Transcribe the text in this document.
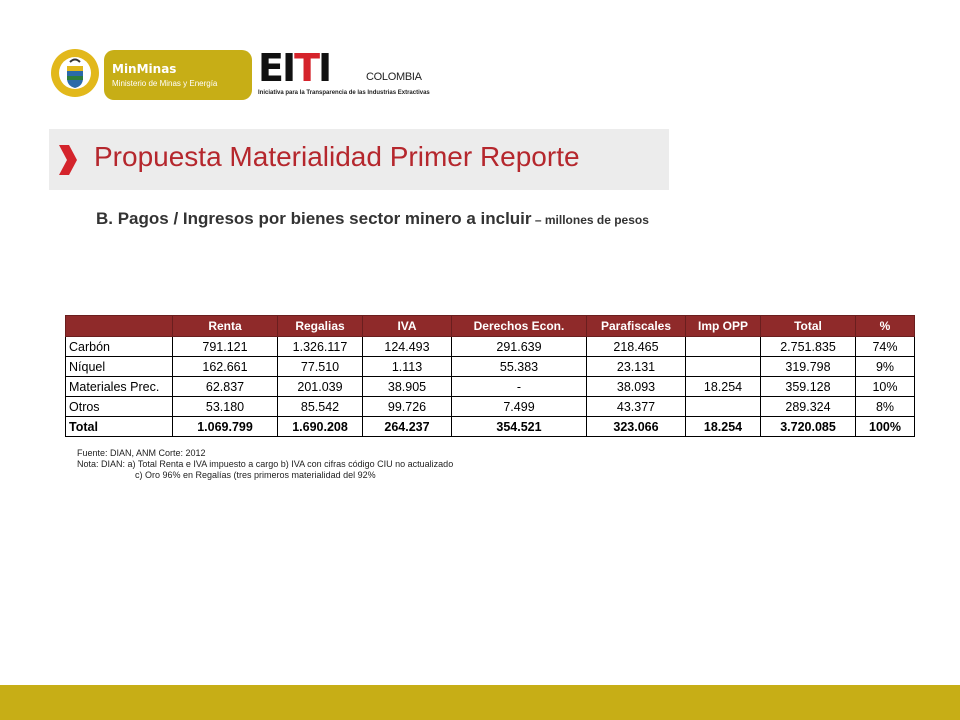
MinMinas
Ministerio de Minas y Energía EITI	COLOMBIA
Iniciativa para la Transparencia de las Industrias Extractivas
Propuesta Materialidad Primer Reporte
B. Pagos / Ingresos por bienes sector minero a incluir – millones de pesos
	Renta	Regalias	IVA	Derechos Econ.	Parafiscales	Imp OPP	Total	%
Carbón	791.121	1.326.117	124.493	291.639	218.465		2.751.835	74%
Níquel	162.661	77.510	1.113	55.383	23.131		319.798	9%
Materiales Prec.	62.837	201.039	38.905	-	38.093	18.254	359.128	10%
Otros	53.180	85.542	99.726	7.499	43.377		289.324	8%
Total	1.069.799	1.690.208	264.237	354.521	323.066	18.254	3.720.085	100%
Fuente: DIAN, ANM Corte: 2012
Nota: DIAN: a) Total Renta e IVA impuesto a cargo b) IVA con cifras código CIU no actualizado
c) Oro 96% en Regalías (tres primeros materialidad del 92%
